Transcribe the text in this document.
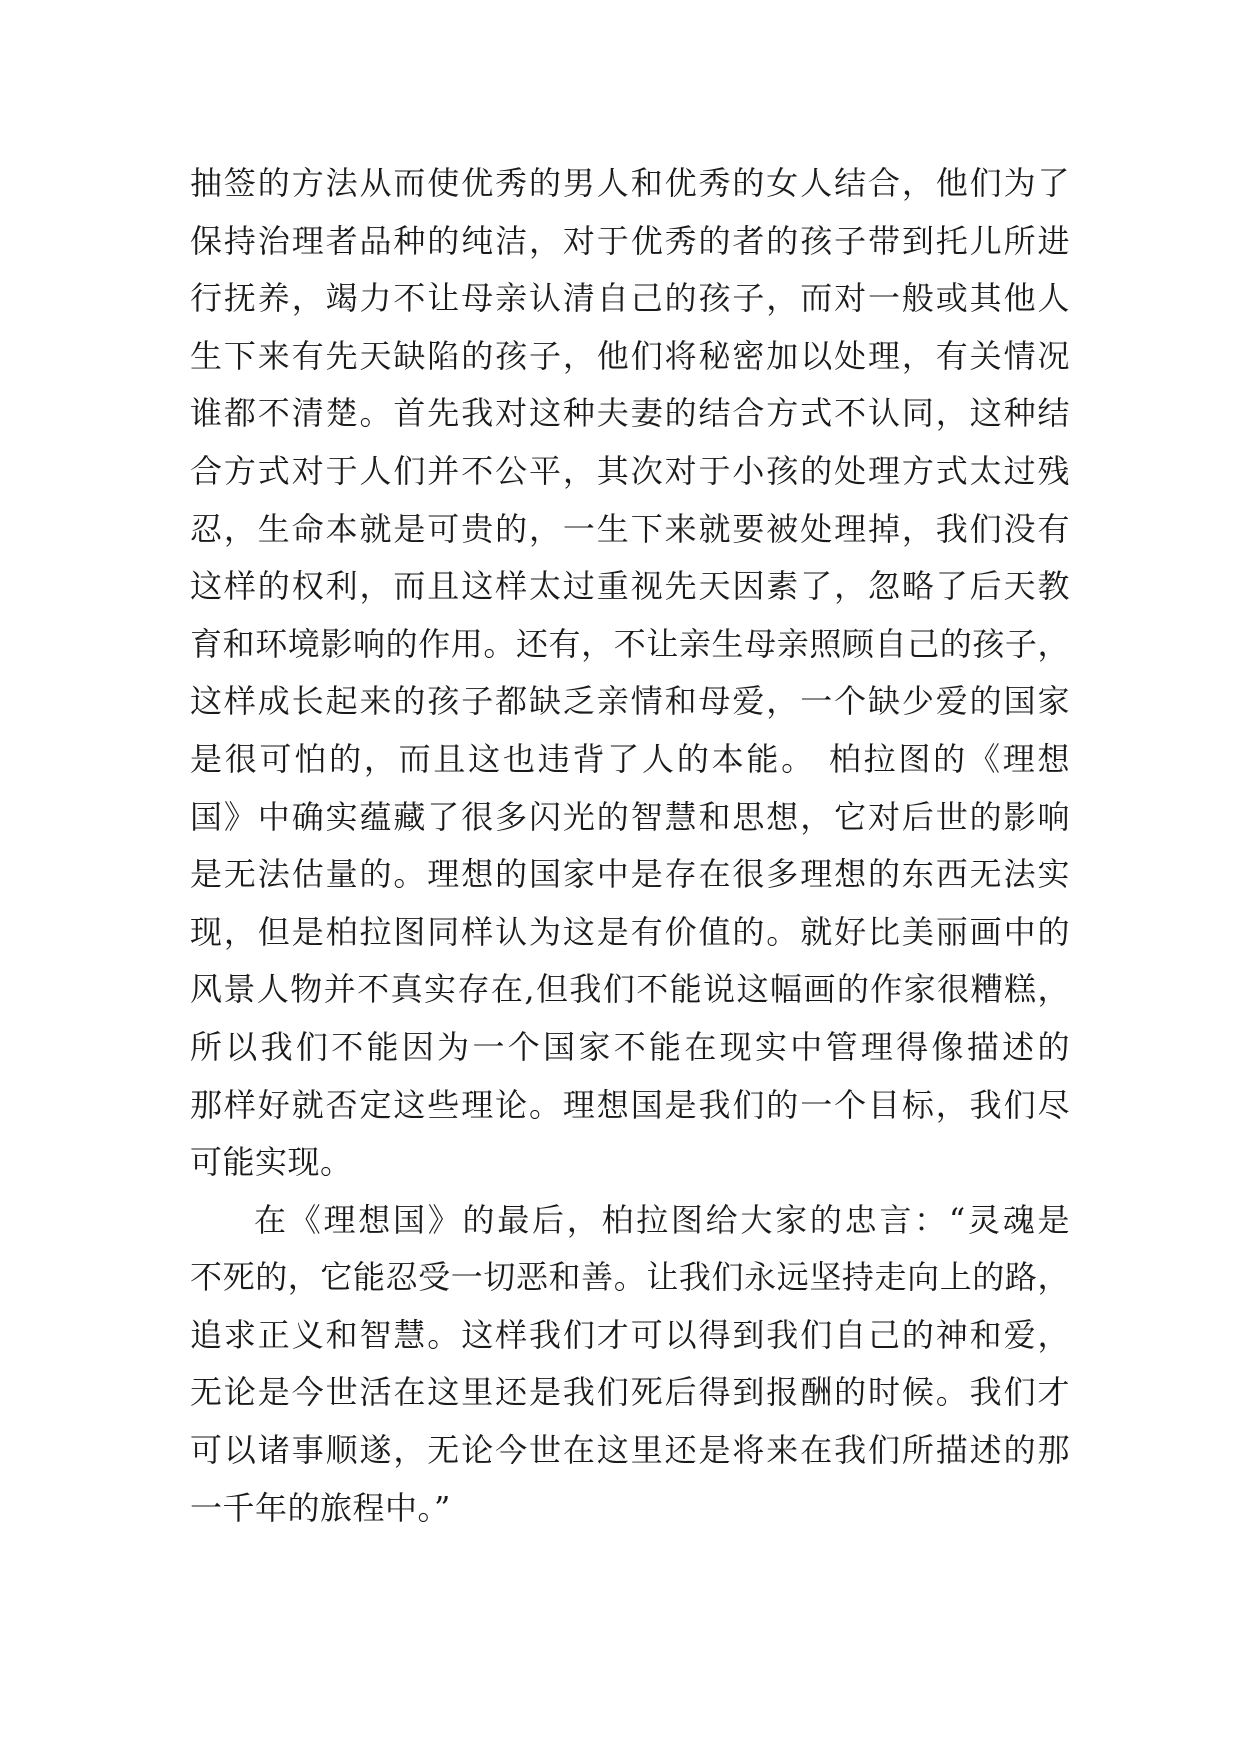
抽签的方法从而使优秀的男人和优秀的女人结合，他们为了
保持治理者品种的纯洁，对于优秀的者的孩子带到托儿所进
行抚养，竭力不让母亲认清自己的孩子，而对一般或其他人
生下来有先天缺陷的孩子，他们将秘密加以处理，有关情况
谁都不清楚。首先我对这种夫妻的结合方式不认同，这种结
合方式对于人们并不公平，其次对于小孩的处理方式太过残
忍，生命本就是可贵的，一生下来就要被处理掉，我们没有
这样的权利，而且这样太过重视先天因素了，忽略了后天教
育和环境影响的作用。还有，不让亲生母亲照顾自己的孩子，
这样成长起来的孩子都缺乏亲情和母爱，一个缺少爱的国家
是很可怕的，而且这也违背了人的本能。 柏拉图的《理想
国》中确实蕴藏了很多闪光的智慧和思想，它对后世的影响
是无法估量的。理想的国家中是存在很多理想的东西无法实
现，但是柏拉图同样认为这是有价值的。就好比美丽画中的
风景人物并不真实存在,但我们不能说这幅画的作家很糟糕，
所以我们不能因为一个国家不能在现实中管理得像描述的
那样好就否定这些理论。理想国是我们的一个目标，我们尽
可能实现。
在《理想国》的最后，柏拉图给大家的忠言：“灵魂是
不死的，它能忍受一切恶和善。让我们永远坚持走向上的路，
追求正义和智慧。这样我们才可以得到我们自己的神和爱，
无论是今世活在这里还是我们死后得到报酬的时候。我们才
可以诸事顺遂，无论今世在这里还是将来在我们所描述的那
一千年的旅程中。”
